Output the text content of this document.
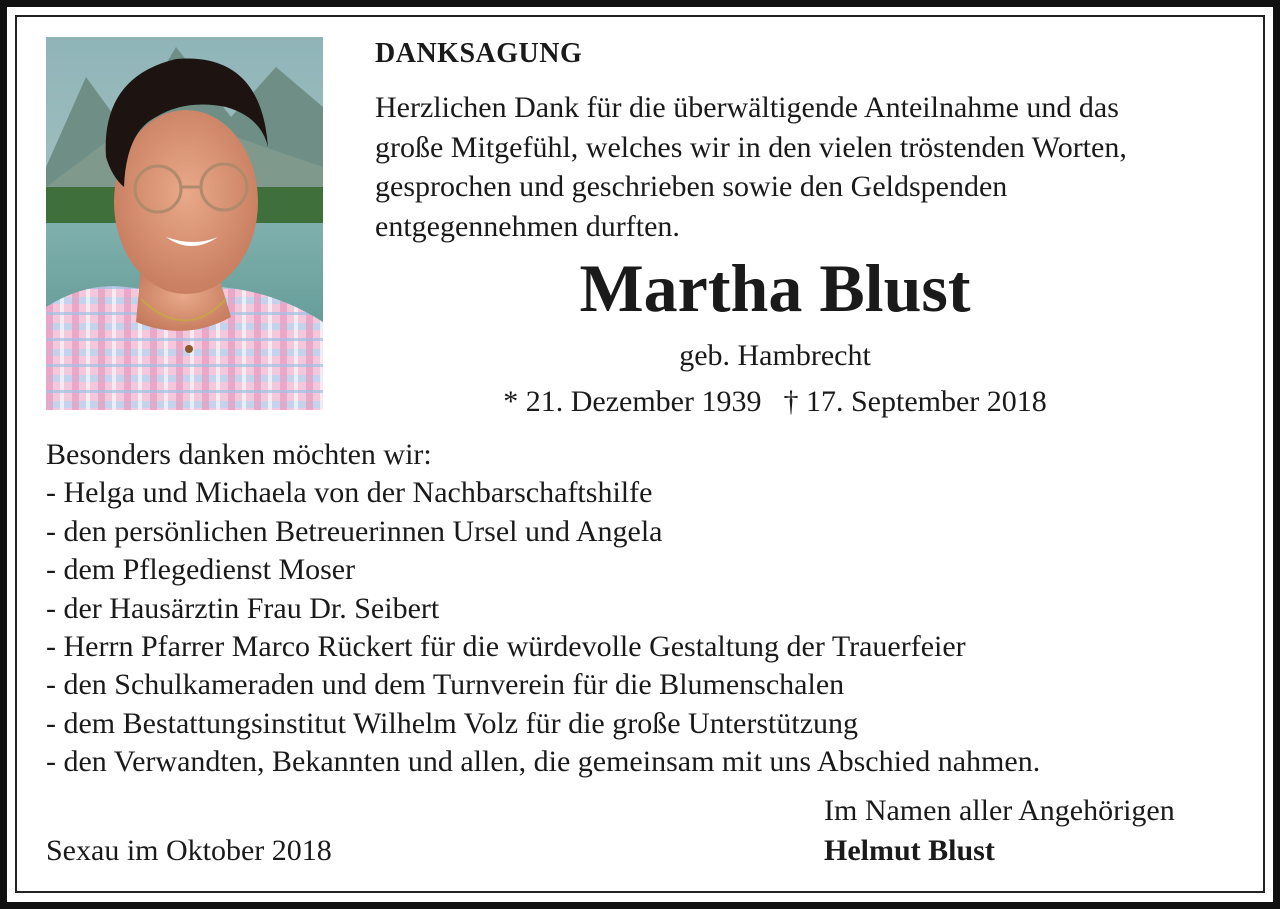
DANKSAGUNG
Herzlichen Dank für die überwältigende Anteilnahme und das
große Mitgefühl, welches wir in den vielen tröstenden Worten,
gesprochen und geschrieben sowie den Geldspenden
entgegennehmen durften.
Martha Blust
geb. Hambrecht
* 21. Dezember 1939 † 17. September 2018
Besonders danken möchten wir:
- Helga und Michaela von der Nachbarschaftshilfe
- den persönlichen Betreuerinnen Ursel und Angela
- dem Pflegedienst Moser
- der Hausärztin Frau Dr. Seibert
- Herrn Pfarrer Marco Rückert für die würdevolle Gestaltung der Trauerfeier
- den Schulkameraden und dem Turnverein für die Blumenschalen
- dem Bestattungsinstitut Wilhelm Volz für die große Unterstützung
- den Verwandten, Bekannten und allen, die gemeinsam mit uns Abschied nahmen.
Sexau im Oktober 2018
Im Namen aller Angehörigen
Helmut Blust
